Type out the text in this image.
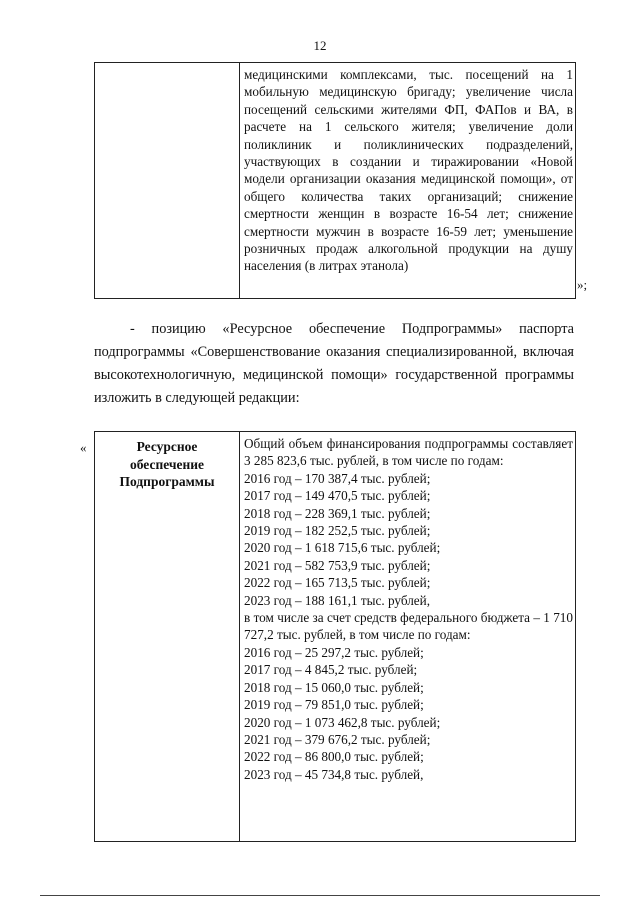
12
медицинскими комплексами, тыс. посещений на 1 мобильную медицинскую бригаду; увеличение числа посещений сельскими жителями ФП, ФАПов и ВА, в расчете на 1 сельского жителя; увеличение доли поликлиник и поликлинических подразделений, участвующих в создании и тиражировании «Новой модели организации оказания медицинской помощи», от общего количества таких организаций; снижение смертности женщин в возрасте 16-54 лет; снижение смертности мужчин в возрасте 16-59 лет; уменьшение розничных продаж алкогольной продукции на душу населения (в литрах этанола)
»;
- позицию «Ресурсное обеспечение Подпрограммы» паспорта подпрограммы «Совершенствование оказания специализированной, включая высокотехнологичную, медицинской помощи» государственной программы изложить в следующей редакции:
«	Ресурсное обеспечение Подпрограммы
Общий объем финансирования подпрограммы составляет 3 285 823,6 тыс. рублей, в том числе по годам:
2016 год – 170 387,4 тыс. рублей;
2017 год – 149 470,5 тыс. рублей;
2018 год – 228 369,1 тыс. рублей;
2019 год – 182 252,5 тыс. рублей;
2020 год – 1 618 715,6 тыс. рублей;
2021 год – 582 753,9 тыс. рублей;
2022 год – 165 713,5 тыс. рублей;
2023 год – 188 161,1 тыс. рублей,
в том числе за счет средств федерального бюджета – 1 710 727,2 тыс. рублей, в том числе по годам:
2016 год – 25 297,2 тыс. рублей;
2017 год – 4 845,2 тыс. рублей;
2018 год – 15 060,0 тыс. рублей;
2019 год – 79 851,0 тыс. рублей;
2020 год – 1 073 462,8 тыс. рублей;
2021 год – 379 676,2 тыс. рублей;
2022 год – 86 800,0 тыс. рублей;
2023 год – 45 734,8 тыс. рублей,
